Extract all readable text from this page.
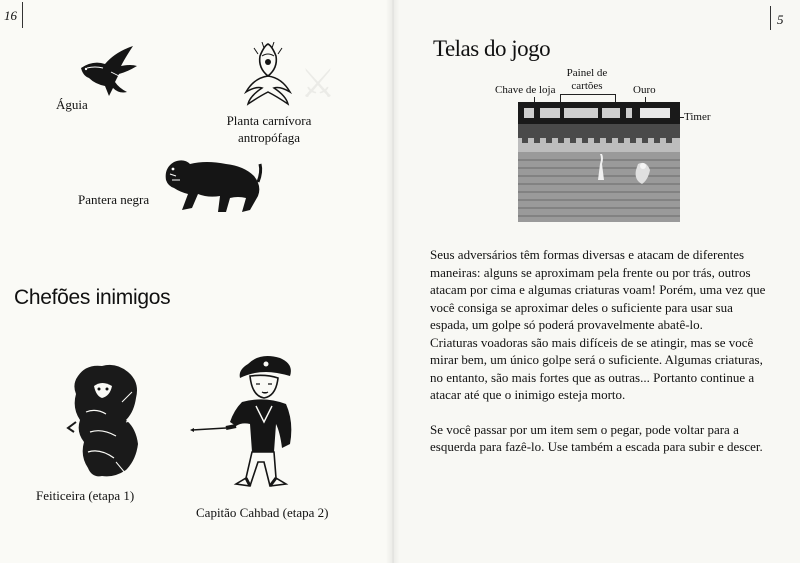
⚔
16	5
Águia
Planta carnívora
antropófaga
Pantera negra
Chefões inimigos
Feiticeira (etapa 1)
Capitão Cahbad (etapa 2)
Telas do jogo
Painel de
cartões
Chave de loja	Ouro
Timer

Seus adversários têm formas diversas e atacam de diferentes maneiras: alguns se aproximam pela frente ou por trás, outros atacam por cima e algumas criaturas voam! Porém, uma vez que você consiga se aproximar deles o suficiente para usar sua espada, um golpe só poderá provavelmente abatê-lo.

Criaturas voadoras são mais difíceis de se atingir, mas se você mirar bem, um único golpe será o suficiente. Algumas criaturas, no entanto, são mais fortes que as outras... Portanto continue a atacar até que o inimigo esteja morto.

Se você passar por um item sem o pegar, pode voltar para a esquerda para fazê-lo. Use também a escada para subir e descer.
